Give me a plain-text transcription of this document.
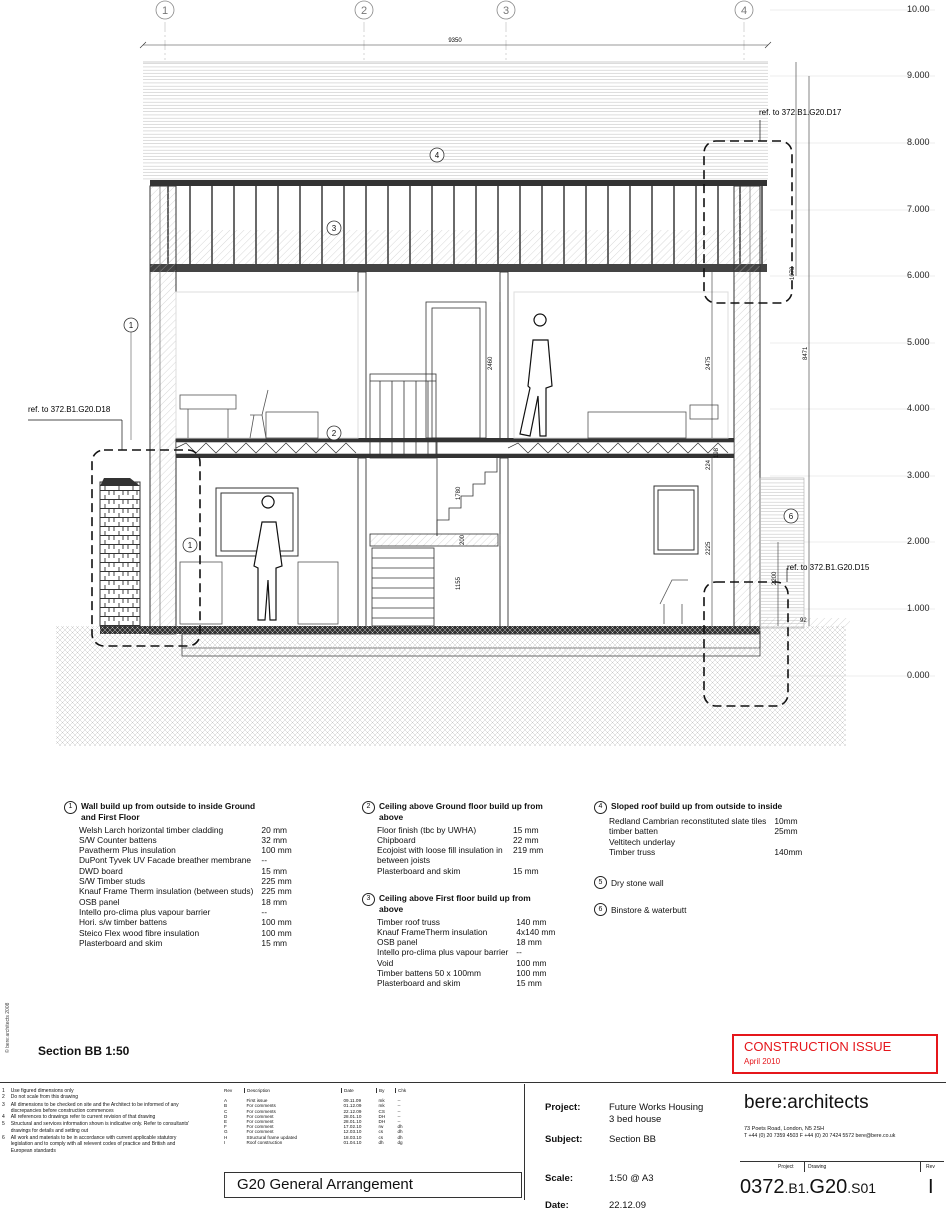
1	2	3	4
9350
10.00
9.000
8.000
7.000
6.000
5.000
4.000
3.000
2.000
1.000
0.000
ref. to 372.B1.G20.D18
ref. to 372.B1.G20.D17
ref. to 372.B1.G20.D15
2460
1780
200
1155
2475
2225
224
198
8471
1073
2200
92
4
3
1
2
1
6
1	Wall build up from outside to inside Ground and First Floor
Welsh Larch horizontal timber cladding	20 mm
S/W Counter battens	32 mm
Pavatherm Plus insulation	100 mm
DuPont Tyvek UV Facade breather membrane	--
DWD board	15 mm
S/W Timber studs	225 mm
Knauf Frame Therm insulation (between studs)	225 mm
OSB panel	18 mm
Intello pro-clima plus vapour barrier	--
Hori. s/w timber battens	100 mm
Steico Flex wood fibre insulation	100 mm
Plasterboard and skim	15 mm
2	Ceiling above Ground floor build up from above
Floor finish (tbc by UWHA)	15 mm
Chipboard	22 mm
Ecojoist with loose fill insulation in between joists	219 mm
Plasterboard and skim	15 mm
3	Ceiling above First floor build up from above
Timber roof truss	140 mm
Knauf FrameTherm insulation	4x140 mm
OSB panel	18 mm
Intello pro-clima plus vapour barrier	--
Void	100 mm
Timber battens 50 x 100mm	100 mm
Plasterboard and skim	15 mm
4	Sloped roof build up from outside to inside
Redland Cambrian reconstituted slate tiles	10mm
timber batten	25mm
Veltitech underlay	
Timber truss	140mm
5	Dry stone wall
6	Binstore & waterbutt
© bere:architects 2008 Section BB 1:50	CONSTRUCTION ISSUE
April 2010
1 Use figured dimensions only
2 Do not scale from this drawing
3 All dimensions to be checked on site and the Architect to be informed of any discrepancies before construction commences
4 All references to drawings refer to current revision of that drawing
5 Structural and services information shown is indicative only. Refer to consultants' drawings for details and setting out
6 All work and materials to be in accordance with current applicable statutory legislation and to comply with all relevent codes of practice and British and European standards
Rev	Description	Date	By	Chk

A	First issue	09.11.09	mk	--
B	For comments	01.12.09	mk	--
C	For comments	22.12.09	CS	--
D	For comment	28.01.10	DH	--
E	For comment	28.01.10	DH	--
F	For comment	17.02.10	rw	dh
G	For comment	12.03.10	cs	dh
H	Structural frame updated	18.03.10	cs	dh
I	Roof construction	01.04.10	dh	dg
G20 General Arrangement
Project:	Future Works Housing
3 bed house
Subject:	Section BB
Scale:	1:50 @ A3
Date:	22.12.09
bere:architects
73 Poets Road, London, N5 2SH
T +44 (0) 20 7359 4503 F +44 (0) 20 7424 5572 bere@bere.co.uk
Project	Drawing	Rev
0372.B1.G20.S01	I
